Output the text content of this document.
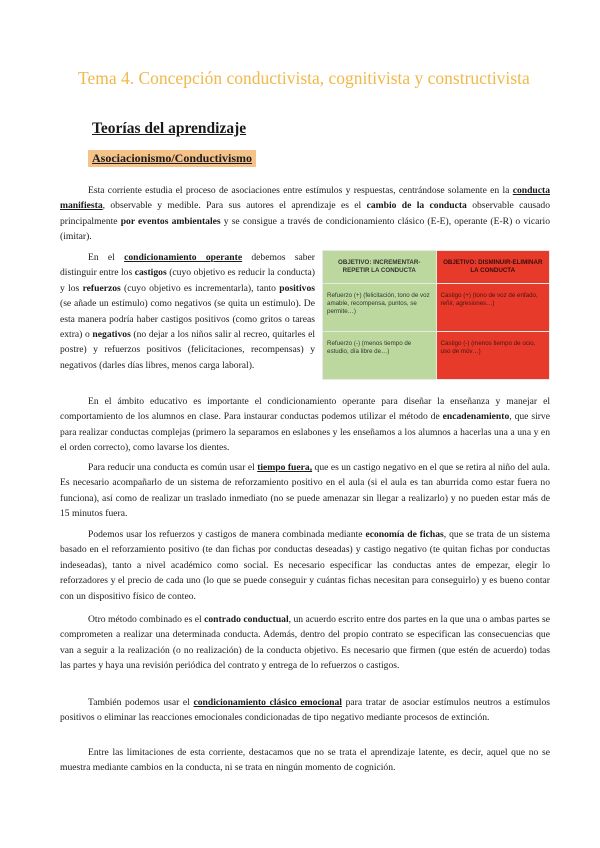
Tema 4. Concepción conductivista, cognitivista y constructivista
Teorías del aprendizaje
Asociacionismo/Conductivismo

Esta corriente estudia el proceso de asociaciones entre estímulos y respuestas, centrándose solamente en la conducta manifiesta, observable y medible. Para sus autores el aprendizaje es el cambio de la conducta observable causado principalmente por eventos ambientales y se consigue a través de condicionamiento clásico (E-E), operante (E-R) o vicario (imitar).

En el condicionamiento operante debemos saber distinguir entre los castigos (cuyo objetivo es reducir la conducta) y los refuerzos (cuyo objetivo es incrementarla), tanto positivos (se añade un estímulo) como negativos (se quita un estímulo). De esta manera podría haber castigos positivos (como gritos o tareas extra) o negativos (no dejar a los niños salir al recreo, quitarles el postre) y refuerzos positivos (felicitaciones, recompensas) y negativos (darles días libres, menos carga laboral).

OBJETIVO: INCREMENTAR-REPETIR LA CONDUCTA	OBJETIVO: DISMINUIR-ELIMINAR LA CONDUCTA
Refuerzo (+) (felicitación, tono de voz amable, recompensa, puntos, se permite…)	Castigo (+) (tono de voz de enfado, reñir, agresiones…)
Refuerzo (-) (menos tiempo de estudio, día libre de…)	Castigo (-) (menos tiempo de ocio, uso de móv…)

En el ámbito educativo es importante el condicionamiento operante para diseñar la enseñanza y manejar el comportamiento de los alumnos en clase. Para instaurar conductas podemos utilizar el método de encadenamiento, que sirve para realizar conductas complejas (primero la separamos en eslabones y les enseñamos a los alumnos a hacerlas una a una y en el orden correcto), como lavarse los dientes.

Para reducir una conducta es común usar el tiempo fuera, que es un castigo negativo en el que se retira al niño del aula. Es necesario acompañarlo de un sistema de reforzamiento positivo en el aula (si el aula es tan aburrida como estar fuera no funciona), así como de realizar un traslado inmediato (no se puede amenazar sin llegar a realizarlo) y no pueden estar más de 15 minutos fuera.

Podemos usar los refuerzos y castigos de manera combinada mediante economía de fichas, que se trata de un sistema basado en el reforzamiento positivo (te dan fichas por conductas deseadas) y castigo negativo (te quitan fichas por conductas indeseadas), tanto a nivel académico como social. Es necesario especificar las conductas antes de empezar, elegir lo reforzadores y el precio de cada uno (lo que se puede conseguir y cuántas fichas necesitan para conseguirlo) y es bueno contar con un dispositivo físico de conteo.

Otro método combinado es el contrado conductual, un acuerdo escrito entre dos partes en la que una o ambas partes se comprometen a realizar una determinada conducta. Además, dentro del propio contrato se especifican las consecuencias que van a seguir a la realización (o no realización) de la conducta objetivo. Es necesario que firmen (que estén de acuerdo) todas las partes y haya una revisión periódica del contrato y entrega de lo refuerzos o castigos.

También podemos usar el condicionamiento clásico emocional para tratar de asociar estímulos neutros a estímulos positivos o eliminar las reacciones emocionales condicionadas de tipo negativo mediante procesos de extinción.

Entre las limitaciones de esta corriente, destacamos que no se trata el aprendizaje latente, es decir, aquel que no se muestra mediante cambios en la conducta, ni se trata en ningún momento de cognición.
